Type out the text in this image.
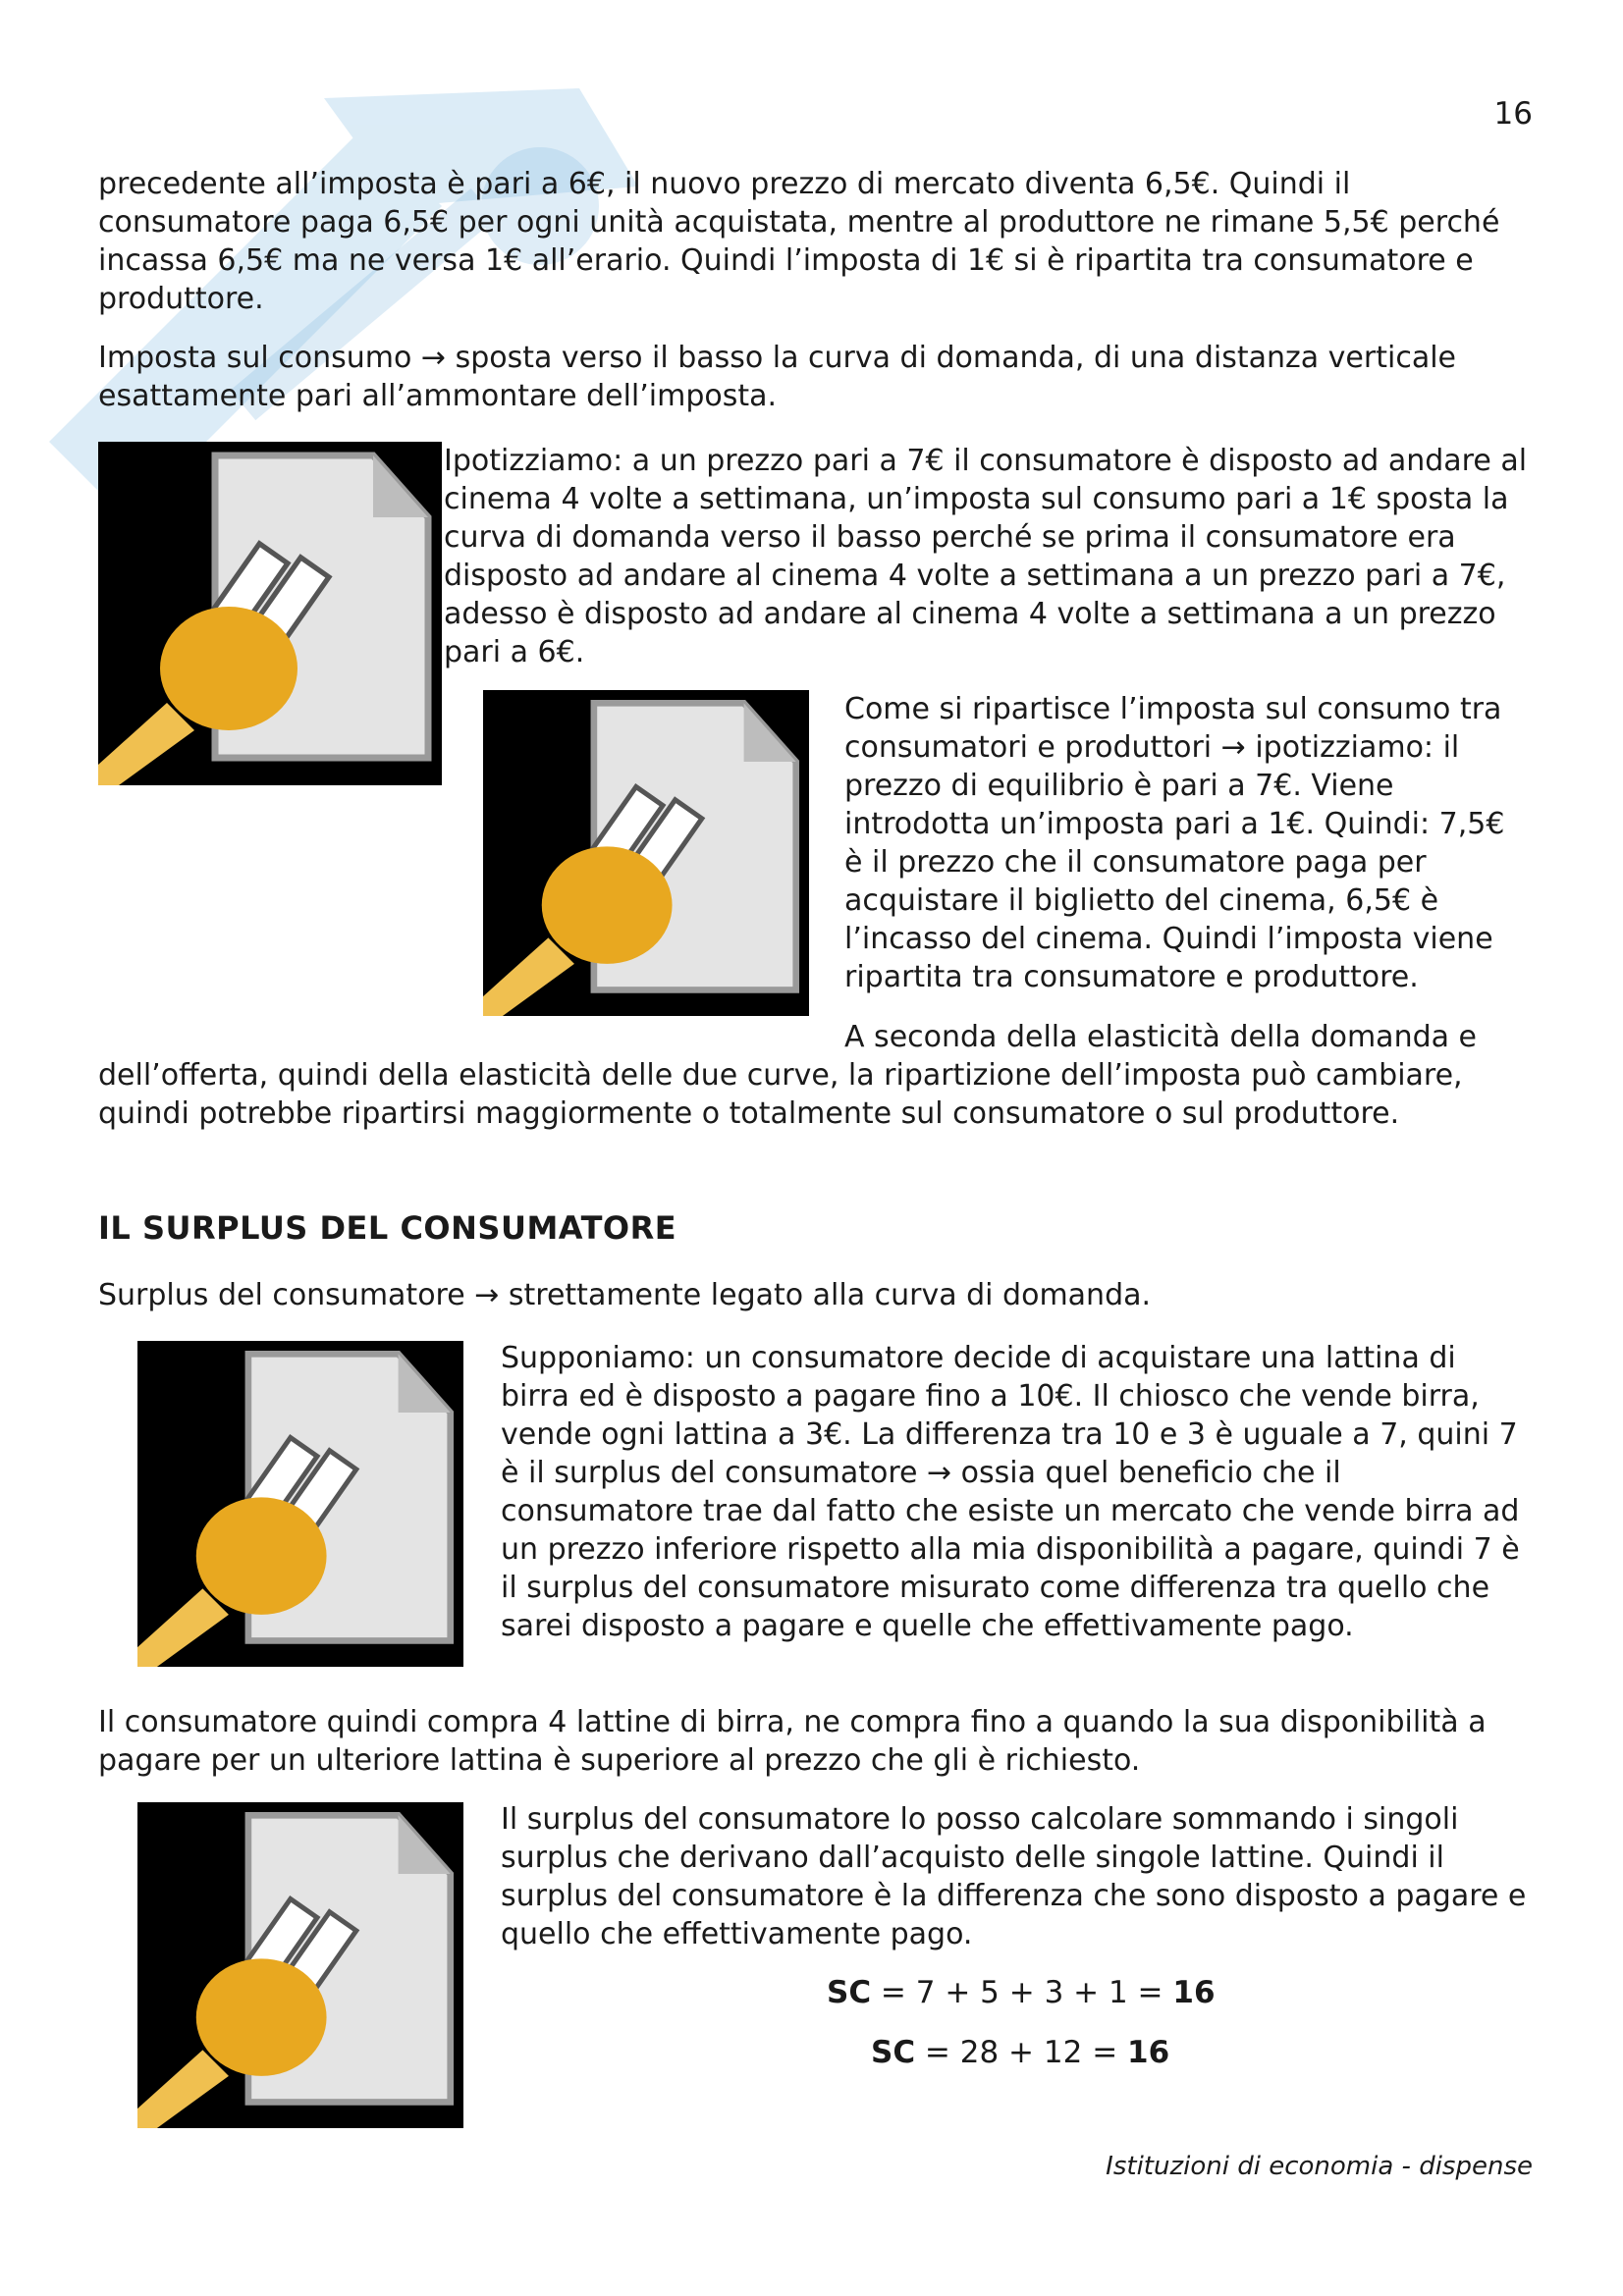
16

precedente all’imposta è pari a 6€, il nuovo prezzo di mercato diventa 6,5€. Quindi il consumatore paga 6,5€ per ogni unità acquistata, mentre al produttore ne rimane 5,5€ perché incassa 6,5€ ma ne versa 1€ all’erario. Quindi l’imposta di 1€ si è ripartita tra consumatore e produttore.

Imposta sul consumo → sposta verso il basso la curva di domanda, di una distanza verticale esattamente pari all’ammontare dell’imposta.

Ipotizziamo: a un prezzo pari a 7€ il consumatore è disposto ad andare al cinema 4 volte a settimana, un’imposta sul consumo pari a 1€ sposta la curva di domanda verso il basso perché se prima il consumatore era disposto ad andare al cinema 4 volte a settimana a un prezzo pari a 7€, adesso è disposto ad andare al cinema 4 volte a settimana a un prezzo pari a 6€.

Come si ripartisce l’imposta sul consumo tra consumatori e produttori → ipotizziamo: il prezzo di equilibrio è pari a 7€. Viene introdotta un’imposta pari a 1€. Quindi: 7,5€ è il prezzo che il consumatore paga per acquistare il biglietto del cinema, 6,5€ è l’incasso del cinema. Quindi l’imposta viene ripartita tra consumatore e produttore.

A seconda della elasticità della domanda e dell’offerta, quindi della elasticità delle due curve, la ripartizione dell’imposta può cambiare, quindi potrebbe ripartirsi maggiormente o totalmente sul consumatore o sul produttore.

IL SURPLUS DEL CONSUMATORE

Surplus del consumatore → strettamente legato alla curva di domanda.

Supponiamo: un consumatore decide di acquistare una lattina di birra ed è disposto a pagare fino a 10€. Il chiosco che vende birra, vende ogni lattina a 3€. La differenza tra 10 e 3 è uguale a 7, quini 7 è il surplus del consumatore → ossia quel beneficio che il consumatore trae dal fatto che esiste un mercato che vende birra ad un prezzo inferiore rispetto alla mia disponibilità a pagare, quindi 7 è il surplus del consumatore misurato come differenza tra quello che sarei disposto a pagare e quelle che effettivamente pago.

Il consumatore quindi compra 4 lattine di birra, ne compra fino a quando la sua disponibilità a pagare per un ulteriore lattina è superiore al prezzo che gli è richiesto.

Il surplus del consumatore lo posso calcolare sommando i singoli surplus che derivano dall’acquisto delle singole lattine. Quindi il surplus del consumatore è la differenza che sono disposto a pagare e quello che effettivamente pago.

SC = 7 + 5 + 3 + 1 = 16
SC = 28 + 12 = 16
Istituzioni di economia - dispense
